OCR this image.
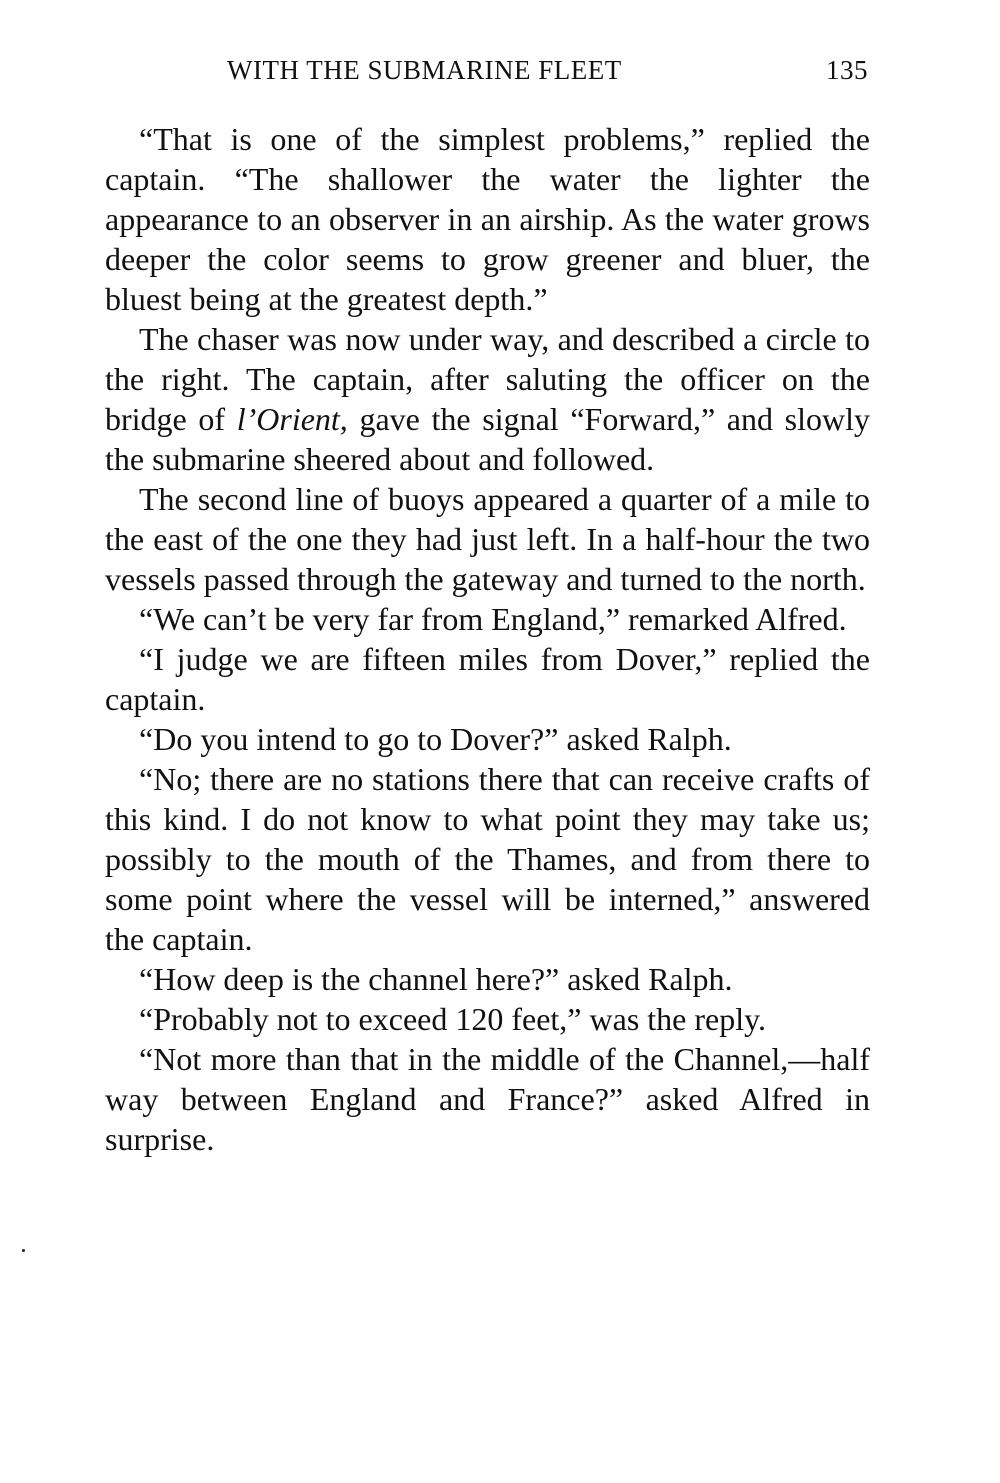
WITH THE SUBMARINE FLEET	135

“That is one of the simplest problems,” replied the captain. “The shallower the water the lighter the appearance to an observer in an airship. As the water grows deeper the color seems to grow greener and bluer, the bluest being at the greatest depth.”

The chaser was now under way, and described a circle to the right. The captain, after saluting the officer on the bridge of l’Orient, gave the signal “Forward,” and slowly the submarine sheered about and followed.

The second line of buoys appeared a quarter of a mile to the east of the one they had just left. In a half-hour the two vessels passed through the gateway and turned to the north.

“We can’t be very far from England,” remarked Alfred.

“I judge we are fifteen miles from Dover,” replied the captain.

“Do you intend to go to Dover?” asked Ralph.

“No; there are no stations there that can receive crafts of this kind. I do not know to what point they may take us; possibly to the mouth of the Thames, and from there to some point where the vessel will be interned,” answered the captain.

“How deep is the channel here?” asked Ralph.

“Probably not to exceed 120 feet,” was the reply.

“Not more than that in the middle of the Channel,—half way between England and France?” asked Alfred in surprise.
